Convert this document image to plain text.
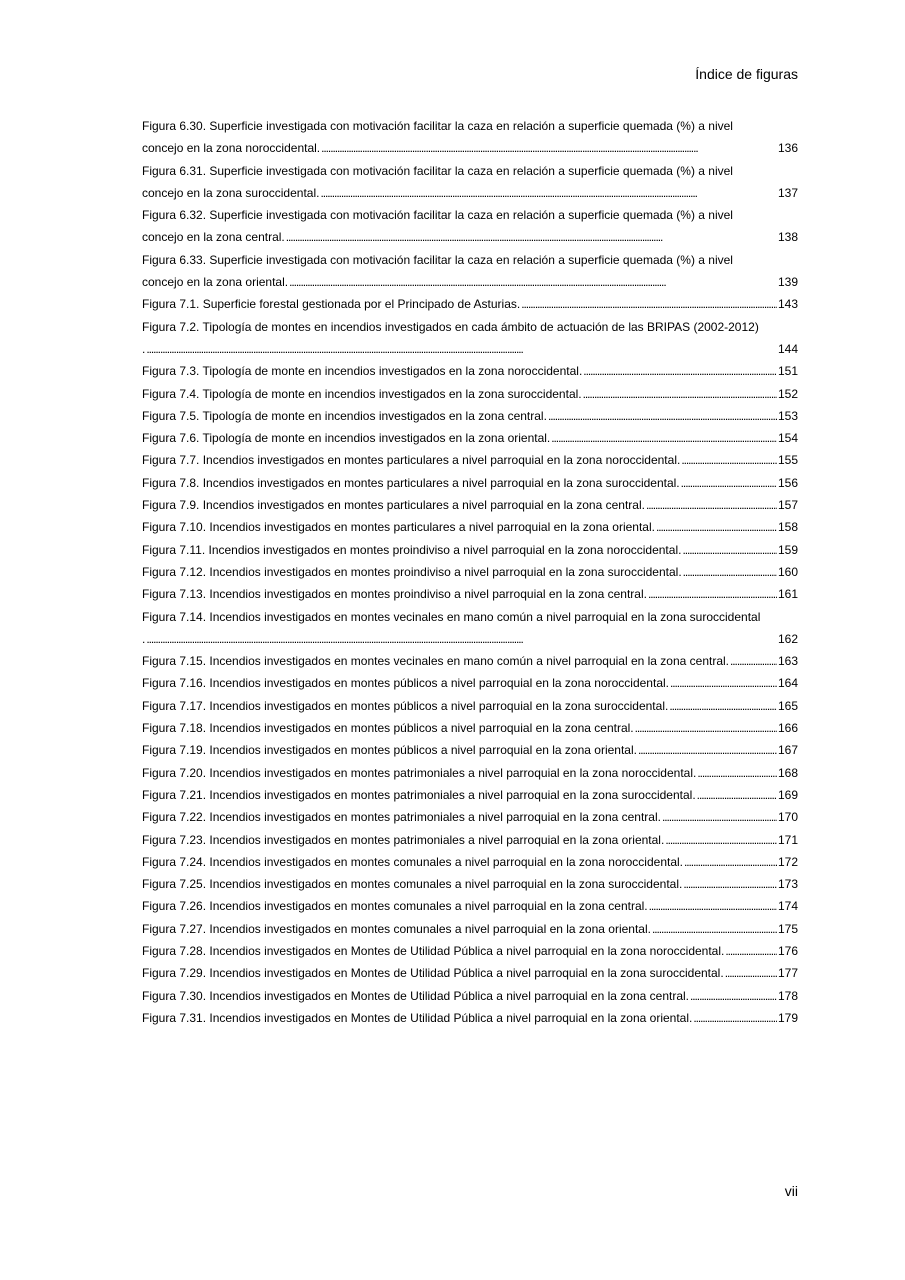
Índice de figuras
Figura 6.30. Superficie investigada con motivación facilitar la caza en relación a superficie quemada (%) a nivel
concejo en la zona noroccidental. . . .	136
Figura 6.31. Superficie investigada con motivación facilitar la caza en relación a superficie quemada (%) a nivel
concejo en la zona suroccidental. . . .	137
Figura 6.32. Superficie investigada con motivación facilitar la caza en relación a superficie quemada (%) a nivel
concejo en la zona central. . . .	138
Figura 6.33. Superficie investigada con motivación facilitar la caza en relación a superficie quemada (%) a nivel
concejo en la zona oriental. . . .	139
Figura 7.1. Superficie forestal gestionada por el Principado de Asturias. . . .	143
Figura 7.2. Tipología de montes en incendios investigados en cada ámbito de actuación de las BRIPAS (2002-2012)
. . . .	144
Figura 7.3. Tipología de monte en incendios investigados en la zona noroccidental. . . .	151
Figura 7.4. Tipología de monte en incendios investigados en la zona suroccidental. . . .	152
Figura 7.5. Tipología de monte en incendios investigados en la zona central. . . .	153
Figura 7.6. Tipología de monte en incendios investigados en la zona oriental. . . .	154
Figura 7.7. Incendios investigados en montes particulares a nivel parroquial en la zona noroccidental. . . .	155
Figura 7.8. Incendios investigados en montes particulares a nivel parroquial en la zona suroccidental. . . .	156
Figura 7.9. Incendios investigados en montes particulares a nivel parroquial en la zona central. . . .	157
Figura 7.10. Incendios investigados en montes particulares a nivel parroquial en la zona oriental. . . .	158
Figura 7.11. Incendios investigados en montes proindiviso a nivel parroquial en la zona noroccidental. . . .	159
Figura 7.12. Incendios investigados en montes proindiviso a nivel parroquial en la zona suroccidental. . . .	160
Figura 7.13. Incendios investigados en montes proindiviso a nivel parroquial en la zona central. . . .	161
Figura 7.14. Incendios investigados en montes vecinales en mano común a nivel parroquial en la zona suroccidental
. . . .	162
Figura 7.15. Incendios investigados en montes vecinales en mano común a nivel parroquial en la zona central. . . .	163
Figura 7.16. Incendios investigados en montes públicos a nivel parroquial en la zona noroccidental. . . .	164
Figura 7.17. Incendios investigados en montes públicos a nivel parroquial en la zona suroccidental. . . .	165
Figura 7.18. Incendios investigados en montes públicos a nivel parroquial en la zona central. . . .	166
Figura 7.19. Incendios investigados en montes públicos a nivel parroquial en la zona oriental. . . .	167
Figura 7.20. Incendios investigados en montes patrimoniales a nivel parroquial en la zona noroccidental. . . .	168
Figura 7.21. Incendios investigados en montes patrimoniales a nivel parroquial en la zona suroccidental. . . .	169
Figura 7.22. Incendios investigados en montes patrimoniales a nivel parroquial en la zona central. . . .	170
Figura 7.23. Incendios investigados en montes patrimoniales a nivel parroquial en la zona oriental. . . .	171
Figura 7.24. Incendios investigados en montes comunales a nivel parroquial en la zona noroccidental. . . .	172
Figura 7.25. Incendios investigados en montes comunales a nivel parroquial en la zona suroccidental. . . .	173
Figura 7.26. Incendios investigados en montes comunales a nivel parroquial en la zona central. . . .	174
Figura 7.27. Incendios investigados en montes comunales a nivel parroquial en la zona oriental. . . .	175
Figura 7.28. Incendios investigados en Montes de Utilidad Pública a nivel parroquial en la zona noroccidental. . . .	176
Figura 7.29. Incendios investigados en Montes de Utilidad Pública a nivel parroquial en la zona suroccidental. . . .	177
Figura 7.30. Incendios investigados en Montes de Utilidad Pública a nivel parroquial en la zona central. . . .	178
Figura 7.31. Incendios investigados en Montes de Utilidad Pública a nivel parroquial en la zona oriental. . . .	179
vii
